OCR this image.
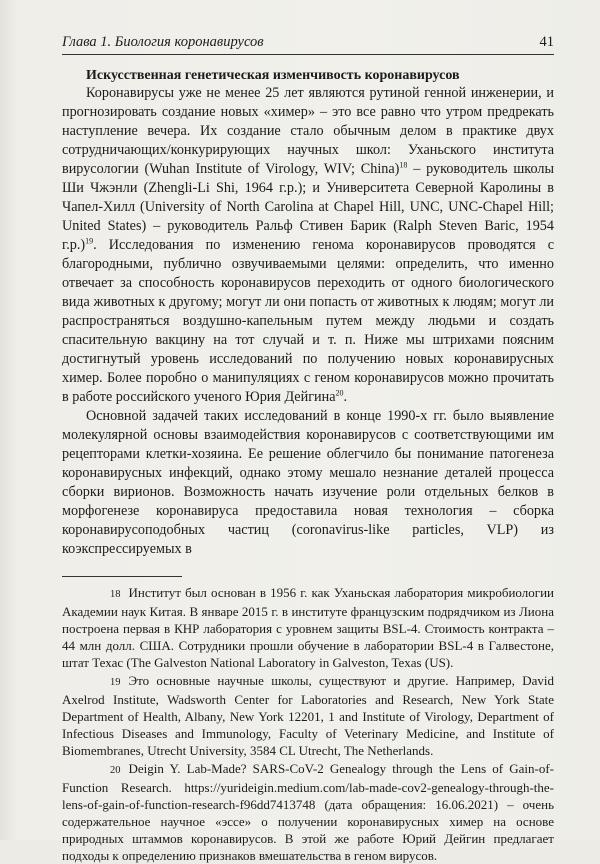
Глава 1. Биология коронавирусов	41
Искусственная генетическая изменчивость коронавирусов

Коронавирусы уже не менее 25 лет являются рутиной генной инженерии, и прогнозировать создание новых «химер» – это все равно что утром предрекать наступление вечера. Их создание стало обычным делом в практике двух сотрудничающих/конкурирующих научных школ: Уханьского института вирусологии (Wuhan Institute of Virology, WIV; China)$^{18}$ – руководитель школы Ши Чжэнли (Zhengli-Li Shi, 1964 г.р.); и Университета Северной Каролины в Чапел-Хилл (University of North Carolina at Chapel Hill, UNC, UNC-Chapel Hill; United States) – руководитель Ральф Стивен Барик (Ralph Steven Baric, 1954 г.р.)$^{19}$. Исследования по изменению генома коронавирусов проводятся с благородными, публично озвучиваемыми целями: определить, что именно отвечает за способность коронавирусов переходить от одного биологического вида животных к другому; могут ли они попасть от животных к людям; могут ли распространяться воздушно-капельным путем между людьми и создать спасительную вакцину на тот случай и т. п. Ниже мы штрихами поясним достигнутый уровень исследований по получению новых коронавирусных химер. Более поробно о манипуляциях с геном коронавирусов можно прочитать в работе российского ученого Юрия Дейгина$^{20}$.

Основной задачей таких исследований в конце 1990-х гг. было выявление молекулярной основы взаимодействия коронавирусов с соответствующими им рецепторами клетки-хозяина. Ее решение облегчило бы понимание патогенеза коронавирусных инфекций, однако этому мешало незнание деталей процесса сборки вирионов. Возможность начать изучение роли отдельных белков в морфогенезе коронавируса предоставила новая технология – сборка коронавирусоподобных частиц (coronavirus-like particles, VLP) из коэкспрессируемых в

18 Институт был основан в 1956 г. как Уханьская лаборатория микробиологии Академии наук Китая. В январе 2015 г. в институте французским подрядчиком из Лиона построена первая в КНР лаборатория с уровнем защиты BSL-4. Стоимость контракта – 44 млн долл. США. Сотрудники прошли обучение в лаборатории BSL-4 в Галвестоне, штат Техас (The Galveston National Laboratory in Galveston, Texas (US).

19 Это основные научные школы, существуют и другие. Например, David Axelrod Institute, Wadsworth Center for Laboratories and Research, New York State Department of Health, Albany, New York 12201, 1 and Institute of Virology, Department of Infectious Diseases and Immunology, Faculty of Veterinary Medicine, and Institute of Biomembranes, Utrecht University, 3584 CL Utrecht, The Netherlands.

20 Deigin Y. Lab-Made? SARS-CoV-2 Genealogy through the Lens of Gain-of-Function Research. https://yurideigin.medium.com/lab-made-cov2-genealogy-through-the-lens-of-gain-of-function-research-f96dd7413748 (дата обращения: 16.06.2021) – очень содержательное научное «эссе» о получении коронавирусных химер на основе природных штаммов коронавирусов. В этой же работе Юрий Дейгин предлагает подходы к определению признаков вмешательства в геном вирусов.
